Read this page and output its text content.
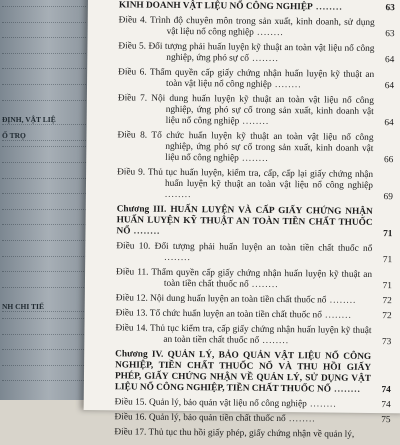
ĐỊNH, VẬT LIỆ
Ổ TRỌ
NH CHI TIẾ
KINH DOANH VẬT LIỆU NỔ CÔNG NGHIỆP ........	63
Điều 4. Trình độ chuyên môn trong sản xuất, kinh doanh, sử dụng vật liệu nổ công nghiệp ........	63
Điều 5. Đối tượng phải huấn luyện kỹ thuật an toàn vật liệu nổ công nghiệp, ứng phó sự cố ........	64
Điều 6. Thẩm quyền cấp giấy chứng nhận huấn luyện kỹ thuật an toàn vật liệu nổ công nghiệp ........	64
Điều 7. Nội dung huấn luyện kỹ thuật an toàn vật liệu nổ công nghiệp, ứng phó sự cố trong sản xuất, kinh doanh vật liệu nổ công nghiệp ........	64
Điều 8. Tổ chức huấn luyện kỹ thuật an toàn vật liệu nổ công nghiệp, ứng phó sự cố trong sản xuất, kinh doanh vật liệu nổ công nghiệp ........	66
Điều 9. Thủ tục huấn luyện, kiểm tra, cấp, cấp lại giấy chứng nhận huấn luyện kỹ thuật an toàn vật liệu nổ công nghiệp ........	69
Chương III. HUẤN LUYỆN VÀ CẤP GIẤY CHỨNG NHẬN HUẤN LUYỆN KỸ THUẬT AN TOÀN TIỀN CHẤT THUỐC NỔ ........	71
Điều 10. Đối tượng phải huấn luyện an toàn tiền chất thuốc nổ ........	71
Điều 11. Thẩm quyền cấp giấy chứng nhận huấn luyện kỹ thuật an toàn tiền chất thuốc nổ ........	71
Điều 12. Nội dung huấn luyện an toàn tiền chất thuốc nổ ........	72
Điều 13. Tổ chức huấn luyện an toàn tiền chất thuốc nổ ........	72
Điều 14. Thủ tục kiểm tra, cấp giấy chứng nhận huấn luyện kỹ thuật an toàn tiền chất thuốc nổ ........	73
Chương IV. QUẢN LÝ, BẢO QUẢN VẬT LIỆU NỔ CÔNG NGHIỆP, TIỀN CHẤT THUỐC NỔ VÀ THU HỒI GIẤY PHÉP, GIẤY CHỨNG NHẬN VỀ QUẢN LÝ, SỬ DỤNG VẬT LIỆU NỔ CÔNG NGHIỆP, TIỀN CHẤT THUỐC NỔ ........	74
Điều 15. Quản lý, bảo quản vật liệu nổ công nghiệp ........	74
Điều 16. Quản lý, bảo quản tiền chất thuốc nổ ........	75
Điều 17. Thủ tục thu hồi giấy phép, giấy chứng nhận về quản lý,
